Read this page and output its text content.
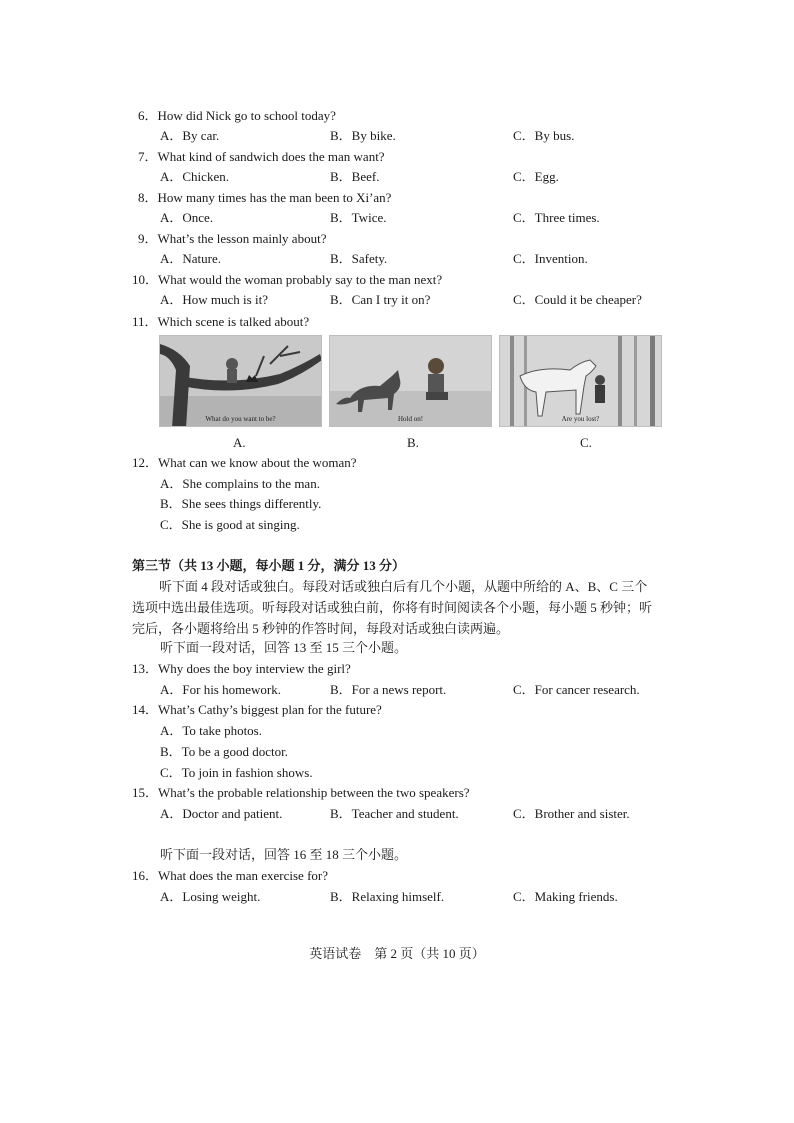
6．How did Nick go to school today?
A．By car.	B．By bike.	C．By bus.
7．What kind of sandwich does the man want?
A．Chicken.	B．Beef.	C．Egg.
8．How many times has the man been to Xi’an?
A．Once.	B．Twice.	C．Three times.
9．What’s the lesson mainly about?
A．Nature.	B．Safety.	C．Invention.
10．What would the woman probably say to the man next?
A．How much is it?	B．Can I try it on?	C．Could it be cheaper?
11．Which scene is talked about?
What do you want to be?	Hold on!	Are you lost?
A.	B.	C.
12．What can we know about the woman?
A．She complains to the man.
B．She sees things differently.
C．She is good at singing.
第三节（共 13 小题，每小题 1 分，满分 13 分）
听下面 4 段对话或独白。每段对话或独白后有几个小题，从题中所给的 A、B、C 三个选项中选出最佳选项。听每段对话或独白前，你将有时间阅读各个小题，每小题 5 秒钟；听完后，各小题将给出 5 秒钟的作答时间，每段对话或独白读两遍。
听下面一段对话，回答 13 至 15 三个小题。
13．Why does the boy interview the girl?
A．For his homework.	B．For a news report.	C．For cancer research.
14．What’s Cathy’s biggest plan for the future?
A．To take photos.
B．To be a good doctor.
C．To join in fashion shows.
15．What’s the probable relationship between the two speakers?
A．Doctor and patient.	B．Teacher and student.	C．Brother and sister.
听下面一段对话，回答 16 至 18 三个小题。
16．What does the man exercise for?
A．Losing weight.	B．Relaxing himself.	C．Making friends.
英语试卷　第 2 页（共 10 页）
